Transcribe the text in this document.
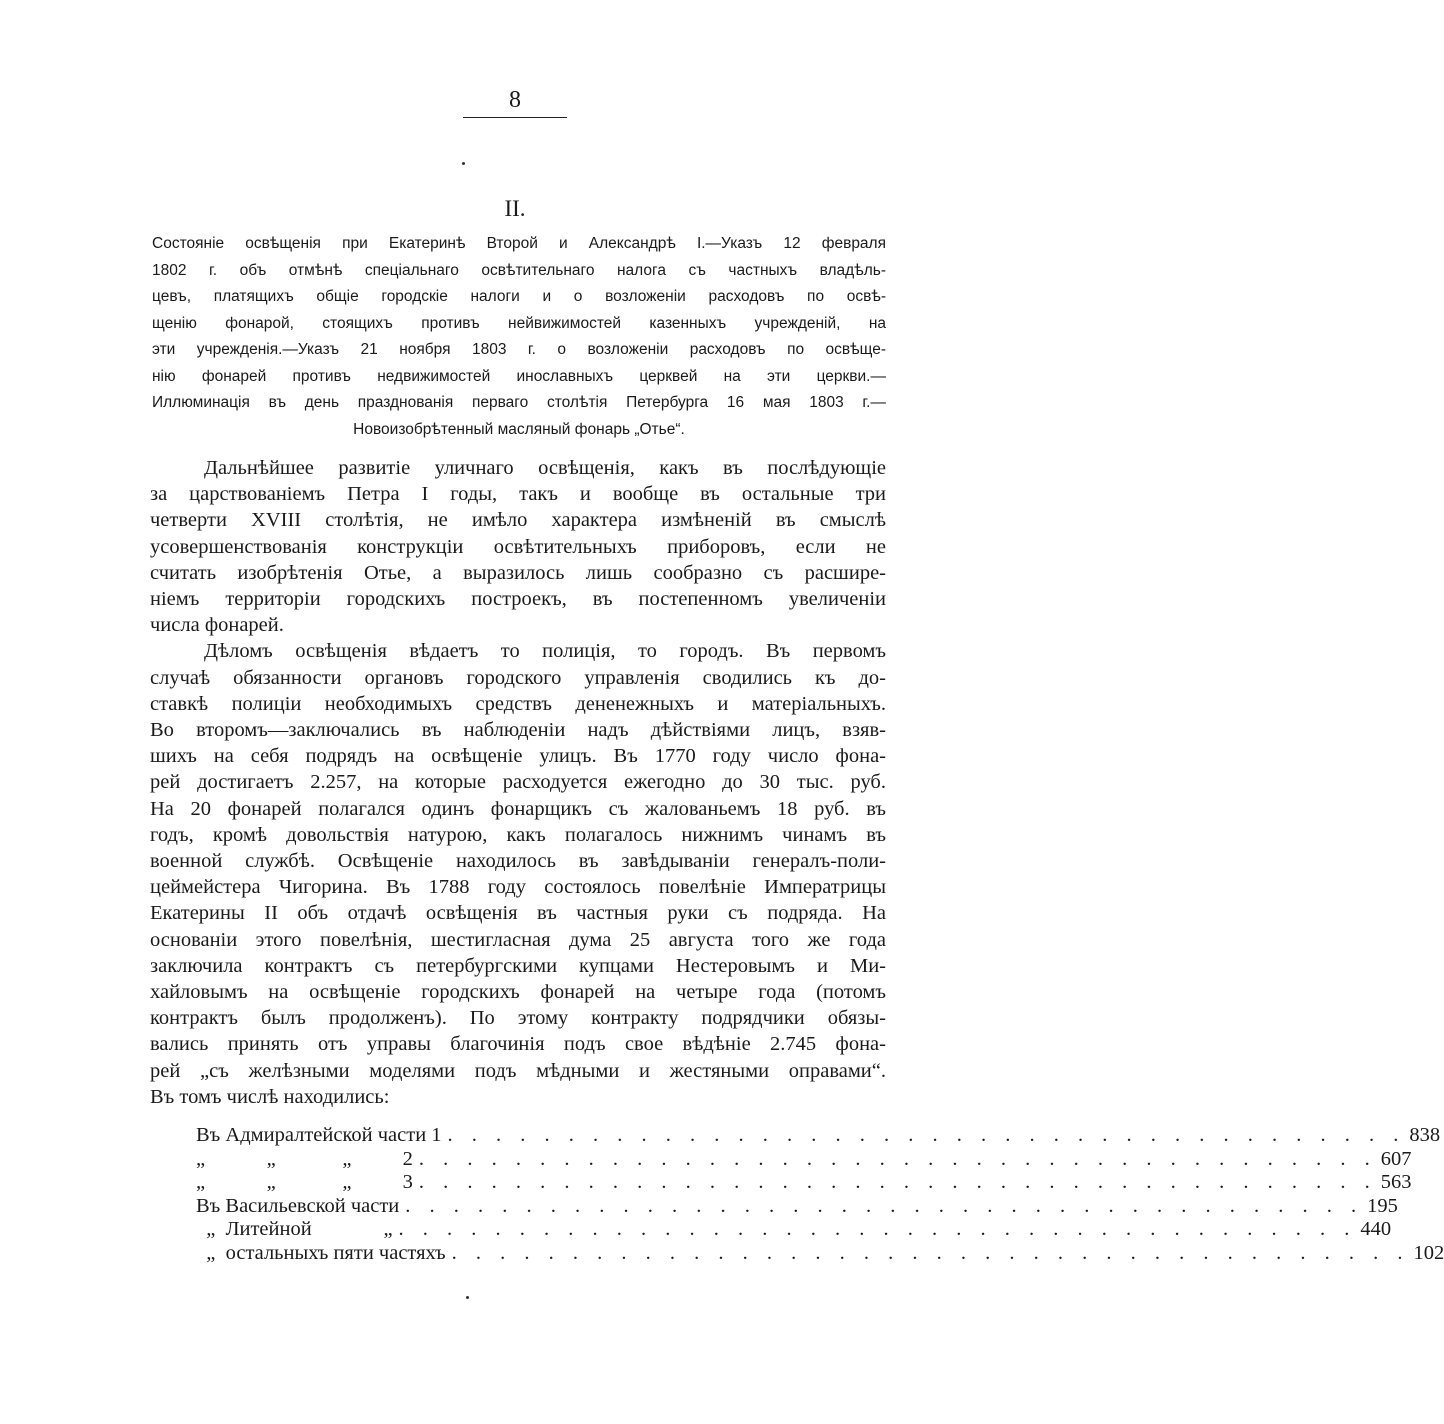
8
II.
Состояніе освѣщенія при Екатеринѣ Второй и Александрѣ I.—Указъ 12 февраля
1802 г. объ отмѣнѣ спеціальнаго освѣтительнаго налога съ частныхъ владѣль-
цевъ, платящихъ общіе городскіе налоги и о возложеніи расходовъ по освѣ-
щенію фонарой, стоящихъ противъ нейвижимостей казенныхъ учрежденій, на
эти учрежденія.—Указъ 21 ноября 1803 г. о возложеніи расходовъ по освѣще-
нію фонарей противъ недвижимостей инославныхъ церквей на эти церкви.—
Иллюминація въ день празднованія перваго столѣтія Петербурга 16 мая 1803 г.—
Новоизобрѣтенный масляный фонарь „Отье“.
Дальнѣйшее развитіе уличнаго освѣщенія, какъ въ послѣдующіе
за царствованіемъ Петра I годы, такъ и вообще въ остальные три
четверти XVIII столѣтія, не имѣло характера измѣненій въ смыслѣ
усовершенствованія конструкціи освѣтительныхъ приборовъ, если не
считать изобрѣтенія Отье, а выразилось лишь сообразно съ расшире-
ніемъ территоріи городскихъ построекъ, въ постепенномъ увеличеніи
числа фонарей.
Дѣломъ освѣщенія вѣдаетъ то полиція, то городъ. Въ первомъ
случаѣ обязанности органовъ городского управленія сводились къ до-
ставкѣ полиціи необходимыхъ средствъ дененежныхъ и матеріальныхъ.
Во второмъ—заключались въ наблюденіи надъ дѣйствіями лицъ, взяв-
шихъ на себя подрядъ на освѣщеніе улицъ. Въ 1770 году число фона-
рей достигаетъ 2.257, на которые расходуется ежегодно до 30 тыс. руб.
На 20 фонарей полагался одинъ фонарщикъ съ жалованьемъ 18 руб. въ
годъ, кромѣ довольствія натурою, какъ полагалось нижнимъ чинамъ въ
военной службѣ. Освѣщеніе находилось въ завѣдываніи генералъ-поли-
цеймейстера Чигорина. Въ 1788 году состоялось повелѣніе Императрицы
Екатерины II объ отдачѣ освѣщенія въ частныя руки съ подряда. На
основаніи этого повелѣнія, шестигласная дума 25 августа того же года
заключила контрактъ съ петербургскими купцами Нестеровымъ и Ми-
хайловымъ на освѣщеніе городскихъ фонарей на четыре года (потомъ
контрактъ былъ продолженъ). По этому контракту подрядчики обязы-
вались принять отъ управы благочинія подъ свое вѣдѣніе 2.745 фона-
рей „съ желѣзными моделями подъ мѣдными и жестяными оправами“.
Въ томъ числѣ находились:
Въ Адмиралтейской части 1 . . . . . . . . . . . . . . . . . . . . . . . . . . . . . . . . . . . . . . . . 838
„            „             „          2 . . . . . . . . . . . . . . . . . . . . . . . . . . . . . . . . . . . . . . . . 607
„            „             „          3 . . . . . . . . . . . . . . . . . . . . . . . . . . . . . . . . . . . . . . . . 563
Въ Васильевской части . . . . . . . . . . . . . . . . . . . . . . . . . . . . . . . . . . . . . . . . 195
„  Литейной              „ . . . . . . . . . . . . . . . . . . . . . . . . . . . . . . . . . . . . . . . . 440
„  остальныхъ пяти частяхъ . . . . . . . . . . . . . . . . . . . . . . . . . . . . . . . . . . . . . . . . 102
